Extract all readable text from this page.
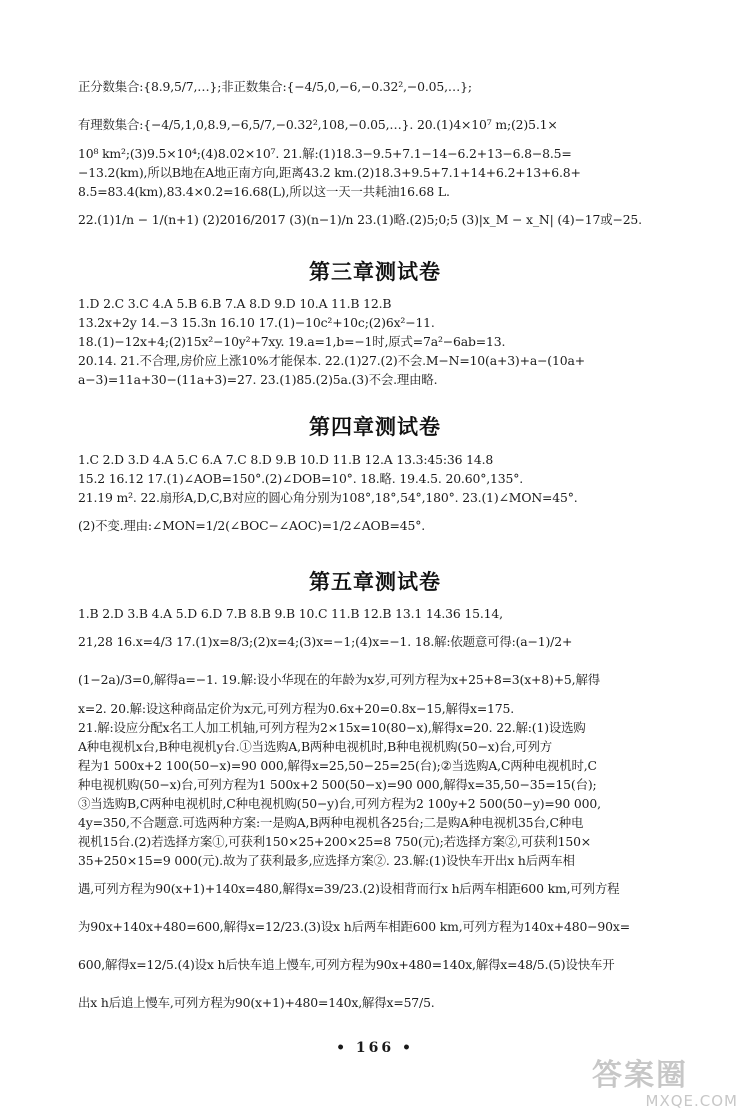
正分数集合:{8.9,5/7,…};非正数集合:{−4/5,0,−6,−0.32²,−0.05,…};
有理数集合:{−4/5,1,0,8.9,−6,5/7,−0.32²,108,−0.05,…}. 20.(1)4×10⁷ m;(2)5.1×
10⁸ km²;(3)9.5×10⁴;(4)8.02×10⁷. 21.解:(1)18.3−9.5+7.1−14−6.2+13−6.8−8.5=
−13.2(km),所以B地在A地正南方向,距离43.2 km.(2)18.3+9.5+7.1+14+6.2+13+6.8+
8.5=83.4(km),83.4×0.2=16.68(L),所以这一天一共耗油16.68 L.
22.(1)1/n − 1/(n+1) (2)2016/2017 (3)(n−1)/n 23.(1)略.(2)5;0;5 (3)|x_M − x_N| (4)−17或−25.
第三章测试卷
1.D 2.C 3.C 4.A 5.B 6.B 7.A 8.D 9.D 10.A 11.B 12.B
13.2x+2y 14.−3 15.3n 16.10 17.(1)−10c²+10c;(2)6x²−11.
18.(1)−12x+4;(2)15x²−10y²+7xy. 19.a=1,b=−1时,原式=7a²−6ab=13.
20.14. 21.不合理,房价应上涨10%才能保本. 22.(1)27.(2)不会.M−N=10(a+3)+a−(10a+
a−3)=11a+30−(11a+3)=27. 23.(1)85.(2)5a.(3)不会.理由略.
第四章测试卷
1.C 2.D 3.D 4.A 5.C 6.A 7.C 8.D 9.B 10.D 11.B 12.A 13.3:45:36 14.8
15.2 16.12 17.(1)∠AOB=150°.(2)∠DOB=10°. 18.略. 19.4.5. 20.60°,135°.
21.19 m². 22.扇形A,D,C,B对应的圆心角分别为108°,18°,54°,180°. 23.(1)∠MON=45°.
(2)不变.理由:∠MON=1/2(∠BOC−∠AOC)=1/2∠AOB=45°.
第五章测试卷
1.B 2.D 3.B 4.A 5.D 6.D 7.B 8.B 9.B 10.C 11.B 12.B 13.1 14.36 15.14,
21,28 16.x=4/3 17.(1)x=8/3;(2)x=4;(3)x=−1;(4)x=−1. 18.解:依题意可得:(a−1)/2+
(1−2a)/3=0,解得a=−1. 19.解:设小华现在的年龄为x岁,可列方程为x+25+8=3(x+8)+5,解得
x=2. 20.解:设这种商品定价为x元,可列方程为0.6x+20=0.8x−15,解得x=175.
21.解:设应分配x名工人加工机轴,可列方程为2×15x=10(80−x),解得x=20. 22.解:(1)设选购
A种电视机x台,B种电视机y台.①当选购A,B两种电视机时,B种电视机购(50−x)台,可列方
程为1 500x+2 100(50−x)=90 000,解得x=25,50−25=25(台);②当选购A,C两种电视机时,C
种电视机购(50−x)台,可列方程为1 500x+2 500(50−x)=90 000,解得x=35,50−35=15(台);
③当选购B,C两种电视机时,C种电视机购(50−y)台,可列方程为2 100y+2 500(50−y)=90 000,
4y=350,不合题意.可选两种方案:一是购A,B两种电视机各25台;二是购A种电视机35台,C种电
视机15台.(2)若选择方案①,可获利150×25+200×25=8 750(元);若选择方案②,可获利150×
35+250×15=9 000(元).故为了获利最多,应选择方案②. 23.解:(1)设快车开出x h后两车相
遇,可列方程为90(x+1)+140x=480,解得x=39/23.(2)设相背而行x h后两车相距600 km,可列方程
为90x+140x+480=600,解得x=12/23.(3)设x h后两车相距600 km,可列方程为140x+480−90x=
600,解得x=12/5.(4)设x h后快车追上慢车,可列方程为90x+480=140x,解得x=48/5.(5)设快车开
出x h后追上慢车,可列方程为90(x+1)+480=140x,解得x=57/5.
• 166 •
答案圈
MXQE.COM
